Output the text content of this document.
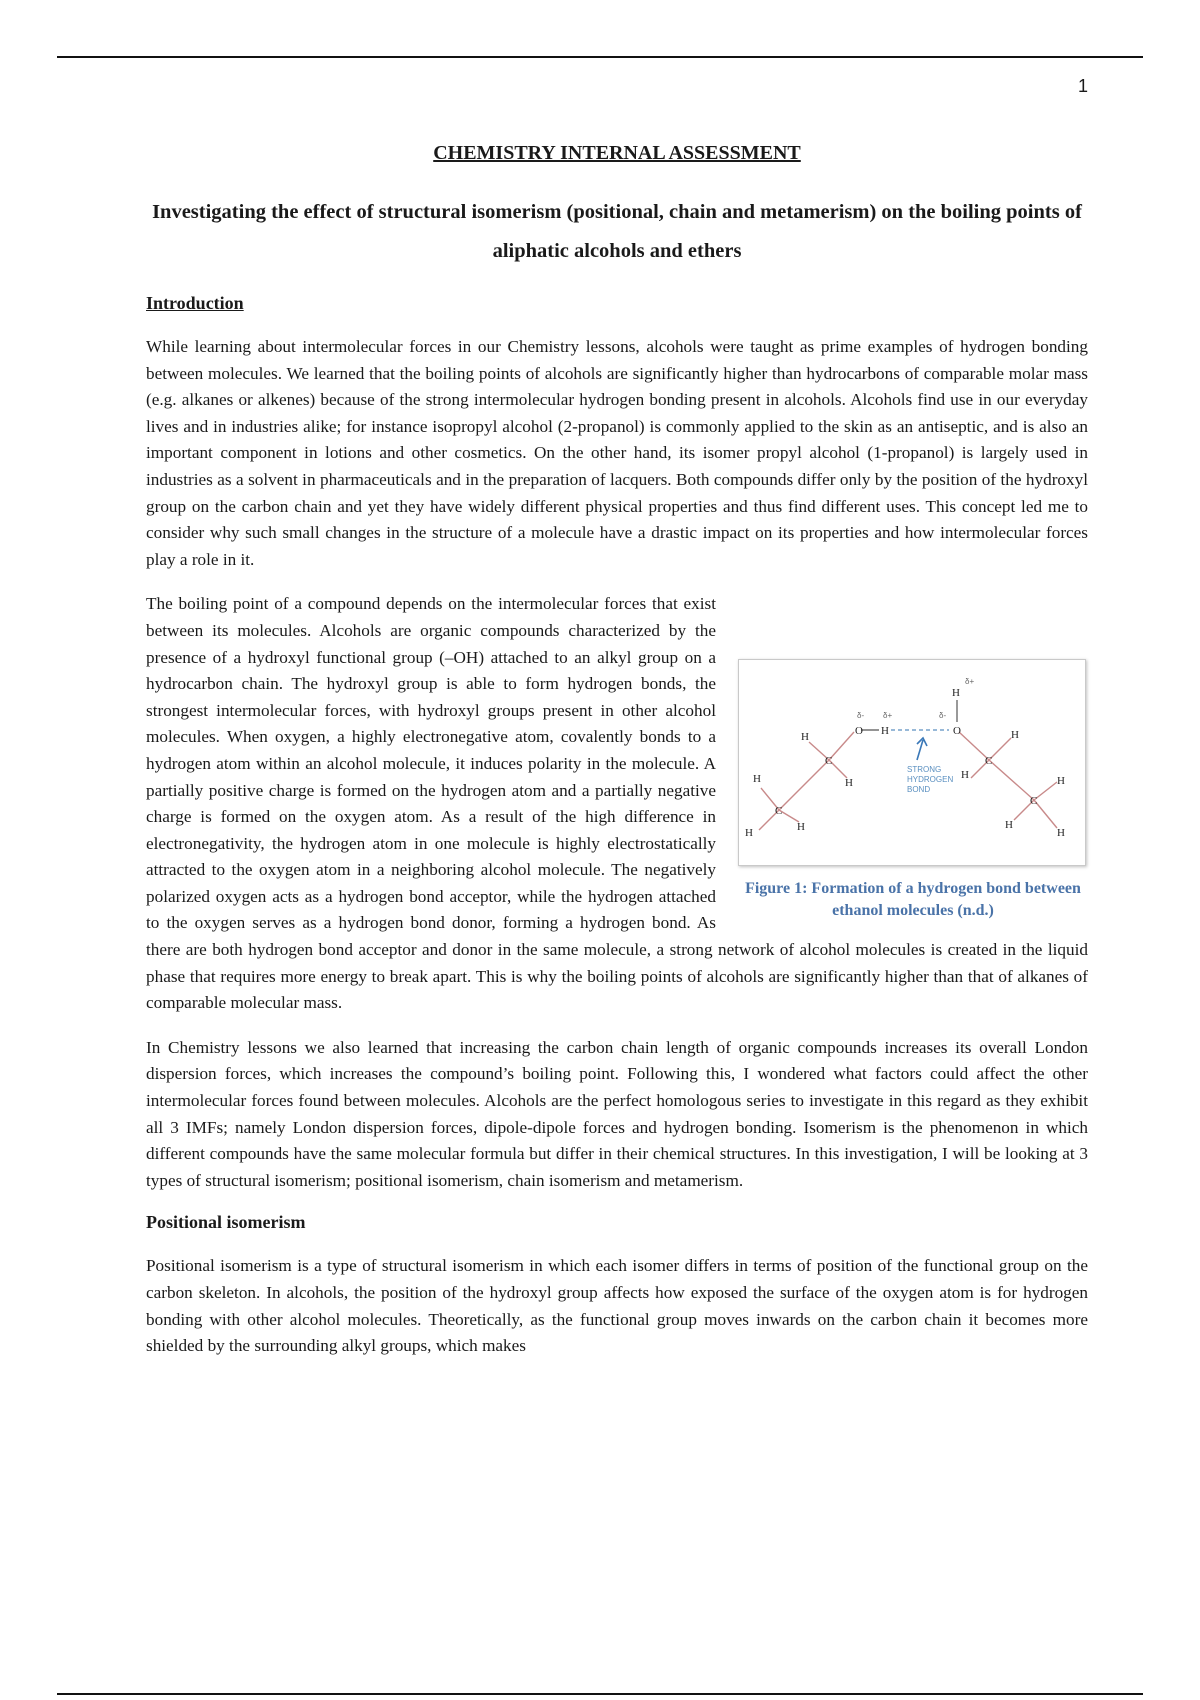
1
CHEMISTRY INTERNAL ASSESSMENT
Investigating the effect of structural isomerism (positional, chain and metamerism) on the boiling points of aliphatic alcohols and ethers
Introduction

While learning about intermolecular forces in our Chemistry lessons, alcohols were taught as prime examples of hydrogen bonding between molecules. We learned that the boiling points of alcohols are significantly higher than hydrocarbons of comparable molar mass (e.g. alkanes or alkenes) because of the strong intermolecular hydrogen bonding present in alcohols. Alcohols find use in our everyday lives and in industries alike; for instance isopropyl alcohol (2-propanol) is commonly applied to the skin as an antiseptic, and is also an important component in lotions and other cosmetics. On the other hand, its isomer propyl alcohol (1-propanol) is largely used in industries as a solvent in pharmaceuticals and in the preparation of lacquers. Both compounds differ only by the position of the hydroxyl group on the carbon chain and yet they have widely different physical properties and thus find different uses. This concept led me to consider why such small changes in the structure of a molecule have a drastic impact on its properties and how intermolecular forces play a role in it.

O H	O
H
C
C
C
C
H
H
H	H
H
H
H	H
H
H
δ- δ+	δ-
δ+
STRONG
HYDROGEN
BOND
Figure 1: Formation of a hydrogen bond between ethanol molecules (n.d.)
The boiling point of a compound depends on the intermolecular forces that exist between its molecules. Alcohols are organic compounds characterized by the presence of a hydroxyl functional group (–OH) attached to an alkyl group on a hydrocarbon chain. The hydroxyl group is able to form hydrogen bonds, the strongest intermolecular forces, with hydroxyl groups present in other alcohol molecules. When oxygen, a highly electronegative atom, covalently bonds to a hydrogen atom within an alcohol molecule, it induces polarity in the molecule. A partially positive charge is formed on the hydrogen atom and a partially negative charge is formed on the oxygen atom. As a result of the high difference in electronegativity, the hydrogen atom in one molecule is highly electrostatically attracted to the oxygen atom in a neighboring alcohol molecule. The negatively polarized oxygen acts as a hydrogen bond acceptor, while the hydrogen attached to the oxygen serves as a hydrogen bond donor, forming a hydrogen bond. As there are both hydrogen bond acceptor and donor in the same molecule, a strong network of alcohol molecules is created in the liquid phase that requires more energy to break apart. This is why the boiling points of alcohols are significantly higher than that of alkanes of comparable molecular mass.

In Chemistry lessons we also learned that increasing the carbon chain length of organic compounds increases its overall London dispersion forces, which increases the compound’s boiling point. Following this, I wondered what factors could affect the other intermolecular forces found between molecules. Alcohols are the perfect homologous series to investigate in this regard as they exhibit all 3 IMFs; namely London dispersion forces, dipole-dipole forces and hydrogen bonding. Isomerism is the phenomenon in which different compounds have the same molecular formula but differ in their chemical structures. In this investigation, I will be looking at 3 types of structural isomerism; positional isomerism, chain isomerism and metamerism.

Positional isomerism

Positional isomerism is a type of structural isomerism in which each isomer differs in terms of position of the functional group on the carbon skeleton. In alcohols, the position of the hydroxyl group affects how exposed the surface of the oxygen atom is for hydrogen bonding with other alcohol molecules. Theoretically, as the functional group moves inwards on the carbon chain it becomes more shielded by the surrounding alkyl groups, which makes
